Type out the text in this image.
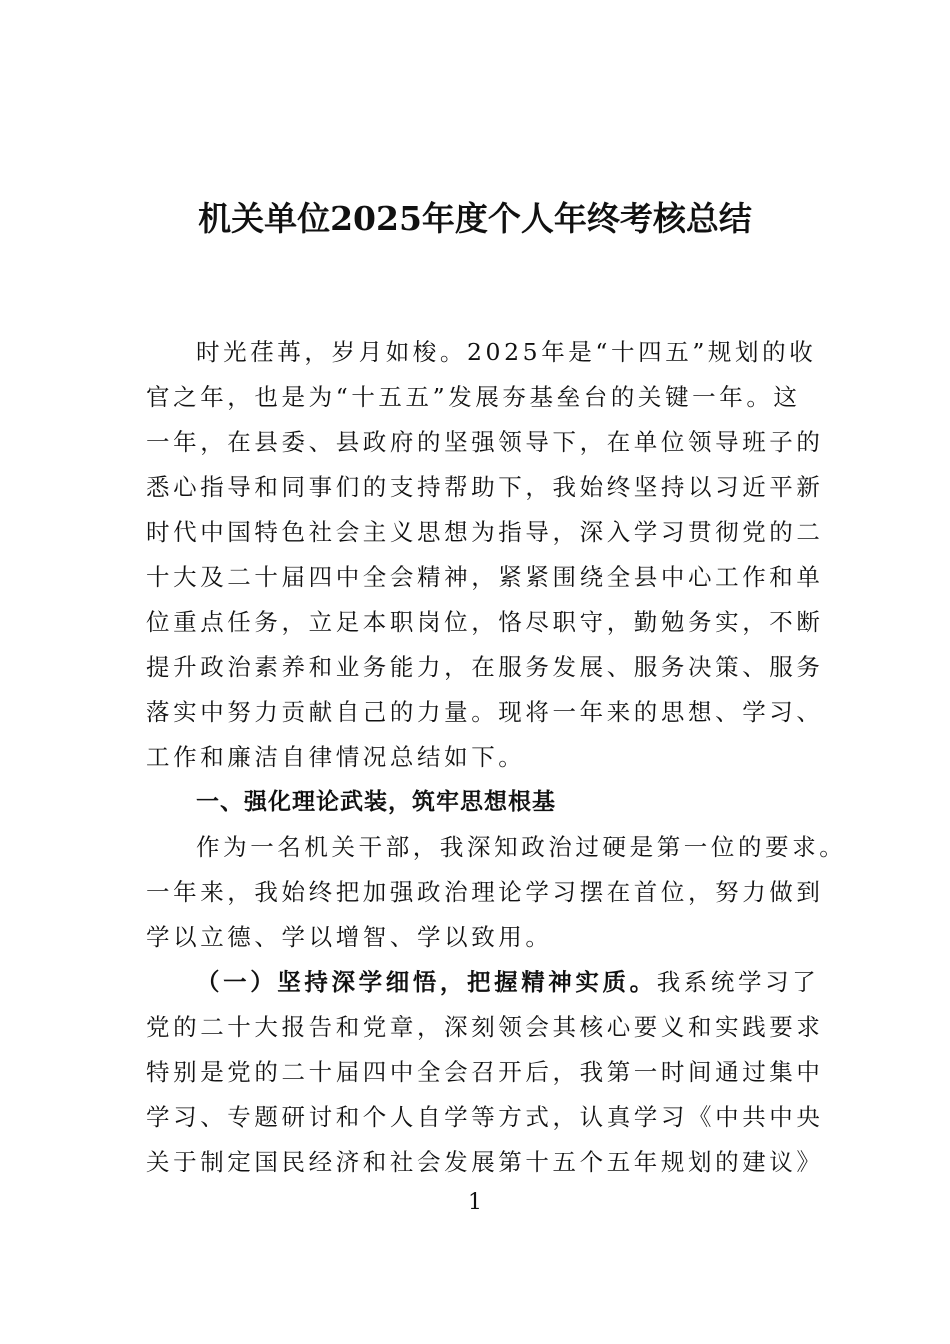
机关单位2025年度个人年终考核总结
时光荏苒，岁月如梭。2025年是“十四五”规划的收
官之年，也是为“十五五”发展夯基垒台的关键一年。这
一年，在县委、县政府的坚强领导下，在单位领导班子的
悉心指导和同事们的支持帮助下，我始终坚持以习近平新
时代中国特色社会主义思想为指导，深入学习贯彻党的二
十大及二十届四中全会精神，紧紧围绕全县中心工作和单
位重点任务，立足本职岗位，恪尽职守，勤勉务实，不断
提升政治素养和业务能力，在服务发展、服务决策、服务
落实中努力贡献自己的力量。现将一年来的思想、学习、
工作和廉洁自律情况总结如下。
一、强化理论武装，筑牢思想根基
作为一名机关干部，我深知政治过硬是第一位的要求。
一年来，我始终把加强政治理论学习摆在首位，努力做到
学以立德、学以增智、学以致用。
（一）坚持深学细悟，把握精神实质。我系统学习了
党的二十大报告和党章，深刻领会其核心要义和实践要求
特别是党的二十届四中全会召开后，我第一时间通过集中
学习、专题研讨和个人自学等方式，认真学习《中共中央
关于制定国民经济和社会发展第十五个五年规划的建议》
1
